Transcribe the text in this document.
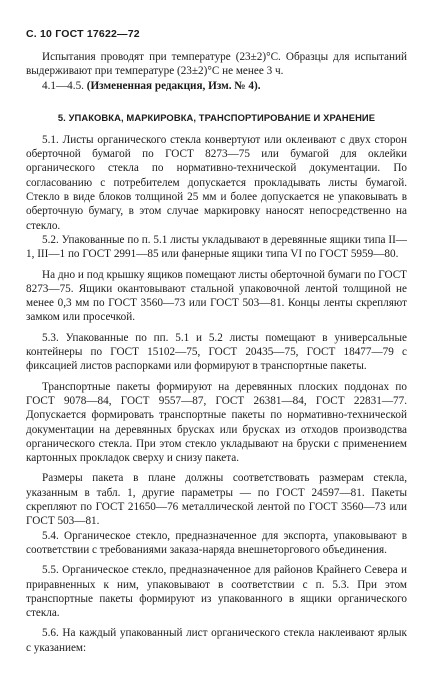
С. 10 ГОСТ 17622—72

Испытания проводят при температуре (23±2)°С. Образцы для испытаний выдерживают при температуре (23±2)°С не менее 3 ч.

4.1—4.5. (Измененная редакция, Изм. № 4).

5. УПАКОВКА, МАРКИРОВКА, ТРАНСПОРТИРОВАНИЕ И ХРАНЕНИЕ

5.1. Листы органического стекла конвертуют или оклеивают с двух сторон оберточной бумагой по ГОСТ 8273—75 или бумагой для оклейки органического стекла по нормативно-технической документации. По согласованию с потребителем допускается прокладывать листы бумагой. Стекло в виде блоков толщиной 25 мм и более допускается не упаковывать в оберточную бумагу, в этом случае маркировку наносят непосредственно на стекло.

5.2. Упакованные по п. 5.1 листы укладывают в деревянные ящики типа II—1, III—1 по ГОСТ 2991—85 или фанерные ящики типа VI по ГОСТ 5959—80.

На дно и под крышку ящиков помещают листы оберточной бумаги по ГОСТ 8273—75. Ящики окантовывают стальной упаковочной лентой толщиной не менее 0,3 мм по ГОСТ 3560—73 или ГОСТ 503—81. Концы ленты скрепляют замком или просечкой.

5.3. Упакованные по пп. 5.1 и 5.2 листы помещают в универсальные контейнеры по ГОСТ 15102—75, ГОСТ 20435—75, ГОСТ 18477—79 с фиксацией листов распорками или формируют в транспортные пакеты.

Транспортные пакеты формируют на деревянных плоских поддонах по ГОСТ 9078—84, ГОСТ 9557—87, ГОСТ 26381—84, ГОСТ 22831—77. Допускается формировать транспортные пакеты по нормативно-технической документации на деревянных брусках или брусках из отходов производства органического стекла. При этом стекло укладывают на бруски с применением картонных прокладок сверху и снизу пакета.

Размеры пакета в плане должны соответствовать размерам стекла, указанным в табл. 1, другие параметры — по ГОСТ 24597—81. Пакеты скрепляют по ГОСТ 21650—76 металлической лентой по ГОСТ 3560—73 или ГОСТ 503—81.

5.4. Органическое стекло, предназначенное для экспорта, упаковывают в соответствии с требованиями заказа-наряда внешнеторгового объединения.

5.5. Органическое стекло, предназначенное для районов Крайнего Севера и приравненных к ним, упаковывают в соответствии с п. 5.3. При этом транспортные пакеты формируют из упакованного в ящики органического стекла.

5.6. На каждый упакованный лист органического стекла наклеивают ярлык с указанием:
